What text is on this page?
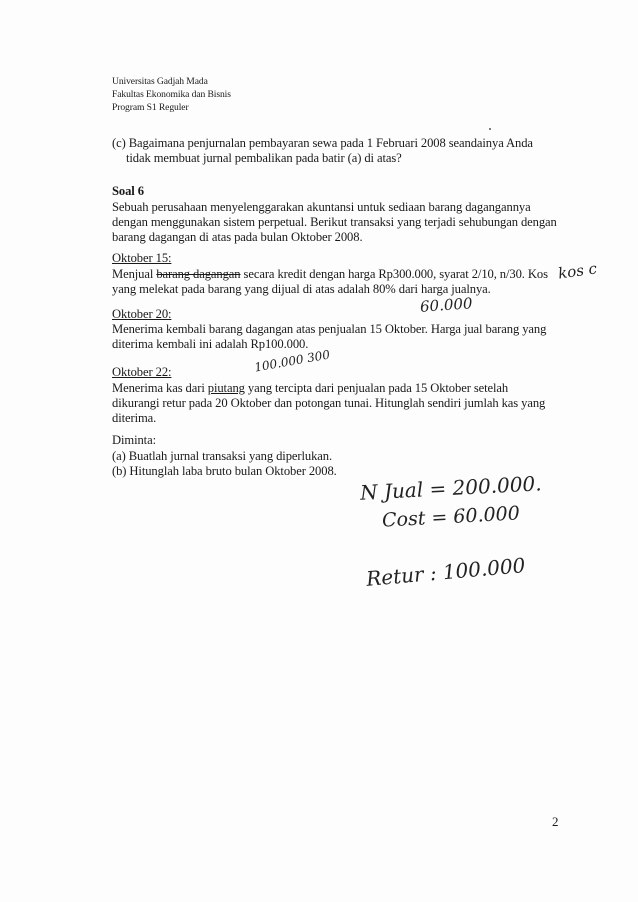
Universitas Gadjah Mada
Fakultas Ekonomika dan Bisnis
Program S1 Reguler
(c) Bagaimana penjurnalan pembayaran sewa pada 1 Februari 2008 seandainya Anda
tidak membuat jurnal pembalikan pada batir (a) di atas?
Soal 6
Sebuah perusahaan menyelenggarakan akuntansi untuk sediaan barang dagangannya
dengan menggunakan sistem perpetual. Berikut transaksi yang terjadi sehubungan dengan
barang dagangan di atas pada bulan Oktober 2008.
Oktober 15:
Menjual barang dagangan secara kredit dengan harga Rp300.000, syarat 2/10, n/30. Kos
yang melekat pada barang yang dijual di atas adalah 80% dari harga jualnya.
kos c
60.000
Oktober 20:
Menerima kembali barang dagangan atas penjualan 15 Oktober. Harga jual barang yang
diterima kembali ini adalah Rp100.000.
100.000 300
Oktober 22:
Menerima kas dari piutang yang tercipta dari penjualan pada 15 Oktober setelah
dikurangi retur pada 20 Oktober dan potongan tunai. Hitunglah sendiri jumlah kas yang
diterima.
Diminta:
(a) Buatlah jurnal transaksi yang diperlukan.
(b) Hitunglah laba bruto bulan Oktober 2008.
N Jual = 200.000.
Cost = 60.000
Retur : 100.000
2
